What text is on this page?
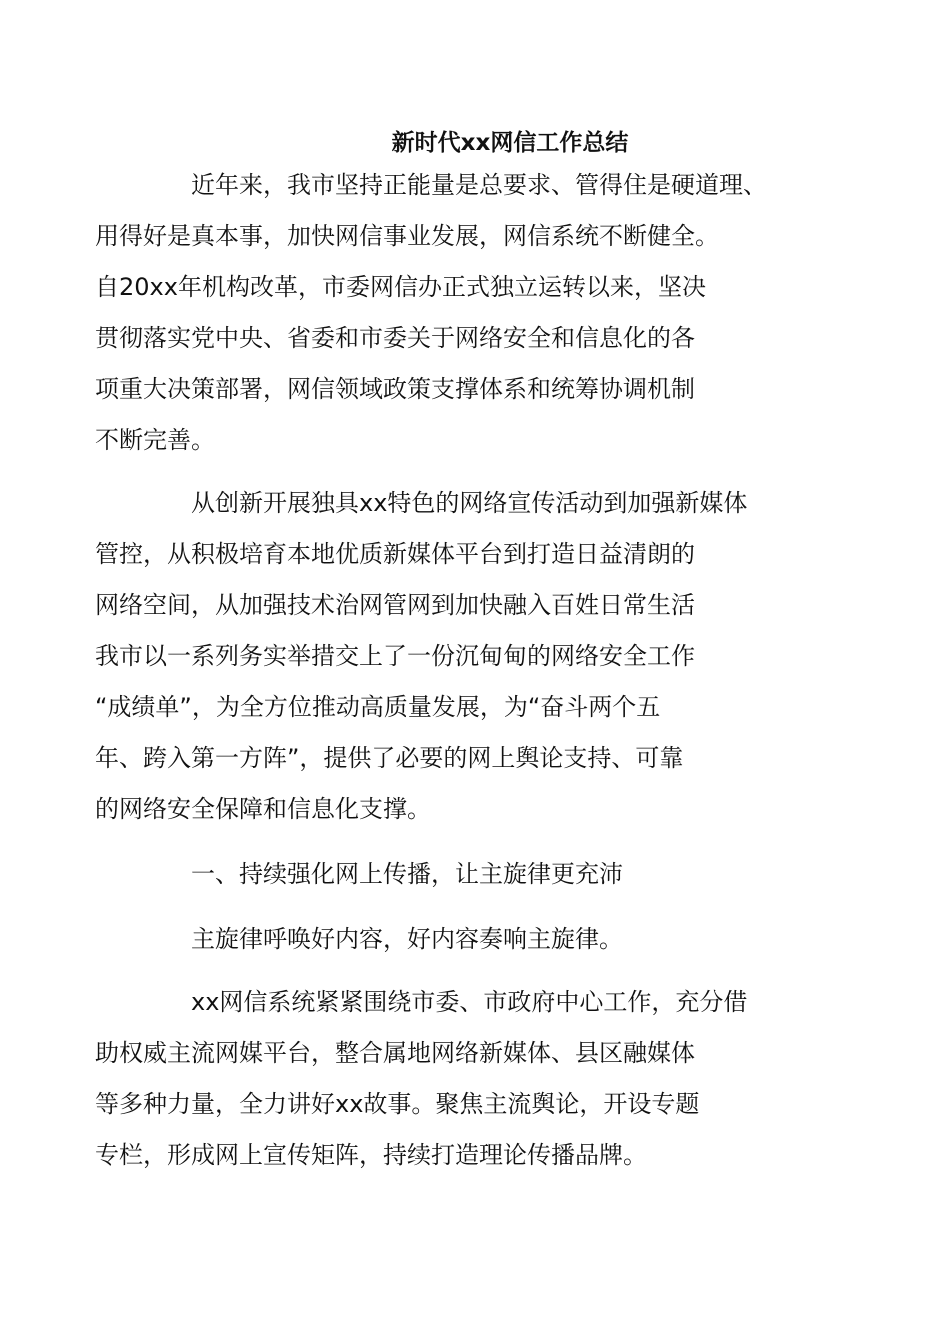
新时代xx网信工作总结

近年来，我市坚持正能量是总要求、管得住是硬道理、
用得好是真本事，加快网信事业发展，网信系统不断健全。
自20xx年机构改革，市委网信办正式独立运转以来，坚决
贯彻落实党中央、省委和市委关于网络安全和信息化的各
项重大决策部署，网信领域政策支撑体系和统筹协调机制
不断完善。

从创新开展独具xx特色的网络宣传活动到加强新媒体
管控，从积极培育本地优质新媒体平台到打造日益清朗的
网络空间，从加强技术治网管网到加快融入百姓日常生活
我市以一系列务实举措交上了一份沉甸甸的网络安全工作
“成绩单”，为全方位推动高质量发展，为“奋斗两个五
年、跨入第一方阵”，提供了必要的网上舆论支持、可靠
的网络安全保障和信息化支撑。

一、持续强化网上传播，让主旋律更充沛

主旋律呼唤好内容，好内容奏响主旋律。

xx网信系统紧紧围绕市委、市政府中心工作，充分借
助权威主流网媒平台，整合属地网络新媒体、县区融媒体
等多种力量，全力讲好xx故事。聚焦主流舆论，开设专题
专栏，形成网上宣传矩阵，持续打造理论传播品牌。
